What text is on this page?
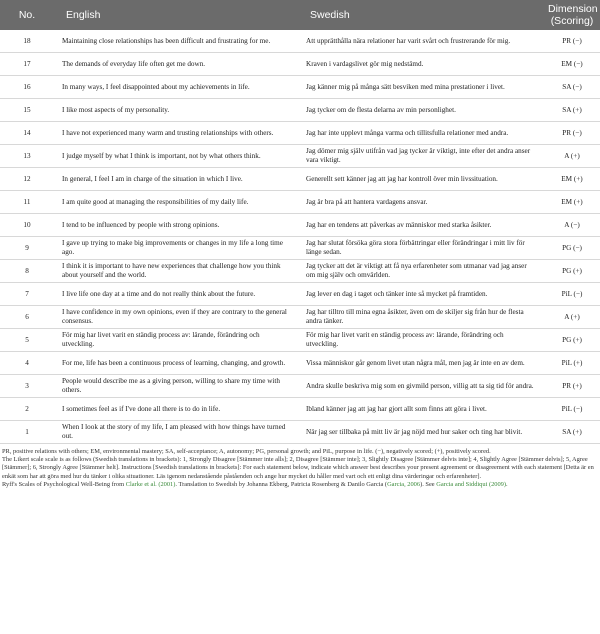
No.	English	Swedish	Dimension
(Scoring)
18	Maintaining close relationships has been difficult and frustrating for me.	Att upprätthålla nära relationer har varit svårt och frustrerande för mig.	PR (−)
17	The demands of everyday life often get me down.	Kraven i vardagslivet gör mig nedstämd.	EM (−)
16	In many ways, I feel disappointed about my achievements in life.	Jag känner mig på många sätt besviken med mina prestationer i livet.	SA (−)
15	I like most aspects of my personality.	Jag tycker om de flesta delarna av min personlighet.	SA (+)
14	I have not experienced many warm and trusting relationships with others.	Jag har inte upplevt många varma och tillitsfulla relationer med andra.	PR (−)
13	I judge myself by what I think is important, not by what others think.	Jag dömer mig själv utifrån vad jag tycker är viktigt, inte efter det andra anser vara viktigt.	A (+)
12	In general, I feel I am in charge of the situation in which I live.	Generellt sett känner jag att jag har kontroll över min livssituation.	EM (+)
11	I am quite good at managing the responsibilities of my daily life.	Jag är bra på att hantera vardagens ansvar.	EM (+)
10	I tend to be influenced by people with strong opinions.	Jag har en tendens att påverkas av människor med starka åsikter.	A (−)
9	I gave up trying to make big improvements or changes in my life a long time ago.	Jag har slutat försöka göra stora förbättringar eller förändringar i mitt liv för länge sedan.	PG (−)
8	I think it is important to have new experiences that challenge how you think about yourself and the world.	Jag tycker att det är viktigt att få nya erfarenheter som utmanar vad jag anser om mig själv och omvärlden.	PG (+)
7	I live life one day at a time and do not really think about the future.	Jag lever en dag i taget och tänker inte så mycket på framtiden.	PiL (−)
6	I have confidence in my own opinions, even if they are contrary to the general consensus.	Jag har tilltro till mina egna åsikter, även om de skiljer sig från hur de flesta andra tänker.	A (+)
5	För mig har livet varit en ständig process av: lärande, förändring och utveckling.	För mig har livet varit en ständig process av: lärande, förändring och utveckling.	PG (+)
4	For me, life has been a continuous process of learning, changing, and growth.	Vissa människor går genom livet utan några mål, men jag är inte en av dem.	PiL (+)
3	People would describe me as a giving person, willing to share my time with others.	Andra skulle beskriva mig som en givmild person, villig att ta sig tid för andra.	PR (+)
2	I sometimes feel as if I've done all there is to do in life.	Ibland känner jag att jag har gjort allt som finns att göra i livet.	PiL (−)
1	When I look at the story of my life, I am pleased with how things have turned out.	När jag ser tillbaka på mitt liv är jag nöjd med hur saker och ting har blivit.	SA (+)

PR, positive relations with others; EM, environmental mastery; SA, self-acceptance; A, autonomy; PG, personal growth; and PiL, purpose in life. (−), negatively scored; (+), positively scored.

The Likert scale scale is as follows (Swedish translations in brackets): 1, Strongly Disagree [Stämmer inte alls]; 2, Disagree [Stämmer inte]; 3, Slightly Disagree [Stämmer delvis inte]; 4, Slightly Agree [Stämmer delvis]; 5, Agree [Stämmer]; 6, Strongly Agree [Stämmer helt]. Instructions [Swedish translations in brackets]: For each statement below, indicate which answer best describes your present agreement or disagreement with each statement [Detta är en enkät som har att göra med hur du tänker i olika situationer. Läs igenom nedanstående påståenden och ange hur mycket du håller med vart och ett enligt dina värderingar och erfarenheter].

Ryff's Scales of Psychological Well-Being from Clarke et al. (2001). Translation to Swedish by Johanna Ekberg, Patricia Rosenberg & Danilo Garcia (Garcia, 2006). See Garcia and Siddiqui (2009).
